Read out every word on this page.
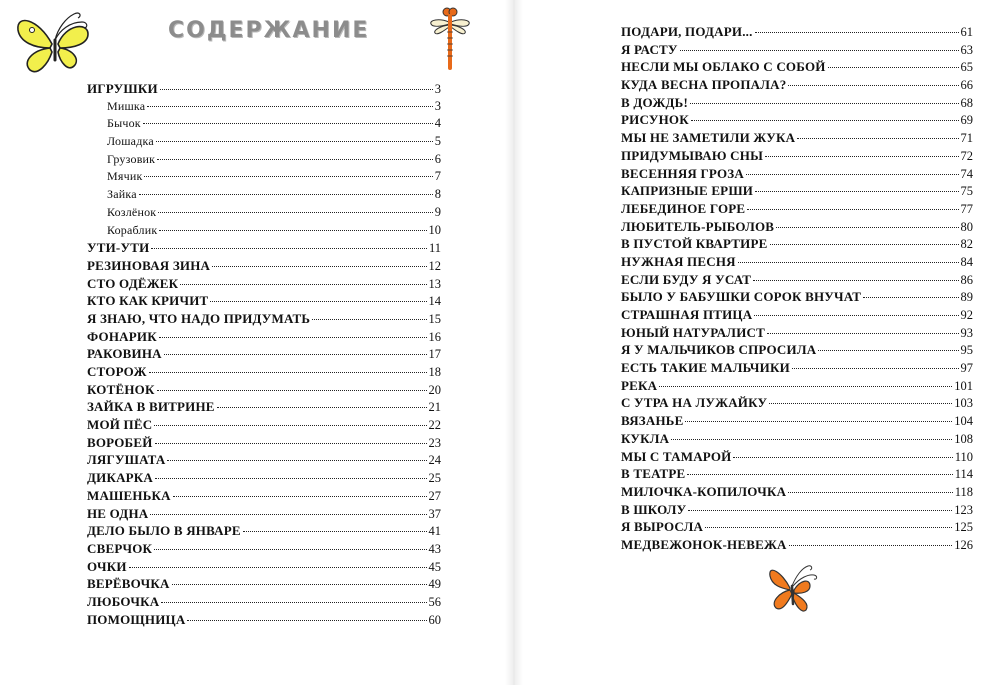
СОДЕРЖАНИЕ
ИГРУШКИ	3
Мишка	3
Бычок	4
Лошадка	5
Грузовик	6
Мячик	7
Зайка	8
Козлёнок	9
Кораблик	10
УТИ-УТИ	11
РЕЗИНОВАЯ ЗИНА	12
СТО ОДЁЖЕК	13
КТО КАК КРИЧИТ	14
Я ЗНАЮ, ЧТО НАДО ПРИДУМАТЬ	15
ФОНАРИК	16
РАКОВИНА	17
СТОРОЖ	18
КОТЁНОК	20
ЗАЙКА В ВИТРИНЕ	21
МОЙ ПЁС	22
ВОРОБЕЙ	23
ЛЯГУШАТА	24
ДИКАРКА	25
МАШЕНЬКА	27
НЕ ОДНА	37
ДЕЛО БЫЛО В ЯНВАРЕ	41
СВЕРЧОК	43
ОЧКИ	45
ВЕРЁВОЧКА	49
ЛЮБОЧКА	56
ПОМОЩНИЦА	60
ПОДАРИ, ПОДАРИ...	61
Я РАСТУ	63
НЕСЛИ МЫ ОБЛАКО С СОБОЙ	65
КУДА ВЕСНА ПРОПАЛА?	66
В ДОЖДЬ!	68
РИСУНОК	69
МЫ НЕ ЗАМЕТИЛИ ЖУКА	71
ПРИДУМЫВАЮ СНЫ	72
ВЕСЕННЯЯ ГРОЗА	74
КАПРИЗНЫЕ ЕРШИ	75
ЛЕБЕДИНОЕ ГОРЕ	77
ЛЮБИТЕЛЬ-РЫБОЛОВ	80
В ПУСТОЙ КВАРТИРЕ	82
НУЖНАЯ ПЕСНЯ	84
ЕСЛИ БУДУ Я УСАТ	86
БЫЛО У БАБУШКИ СОРОК ВНУЧАТ	89
СТРАШНАЯ ПТИЦА	92
ЮНЫЙ НАТУРАЛИСТ	93
Я У МАЛЬЧИКОВ СПРОСИЛА	95
ЕСТЬ ТАКИЕ МАЛЬЧИКИ	97
РЕКА	101
С УТРА НА ЛУЖАЙКУ	103
ВЯЗАНЬЕ	104
КУКЛА	108
МЫ С ТАМАРОЙ	110
В ТЕАТРЕ	114
МИЛОЧКА-КОПИЛОЧКА	118
В ШКОЛУ	123
Я ВЫРОСЛА	125
МЕДВЕЖОНОК-НЕВЕЖА	126
